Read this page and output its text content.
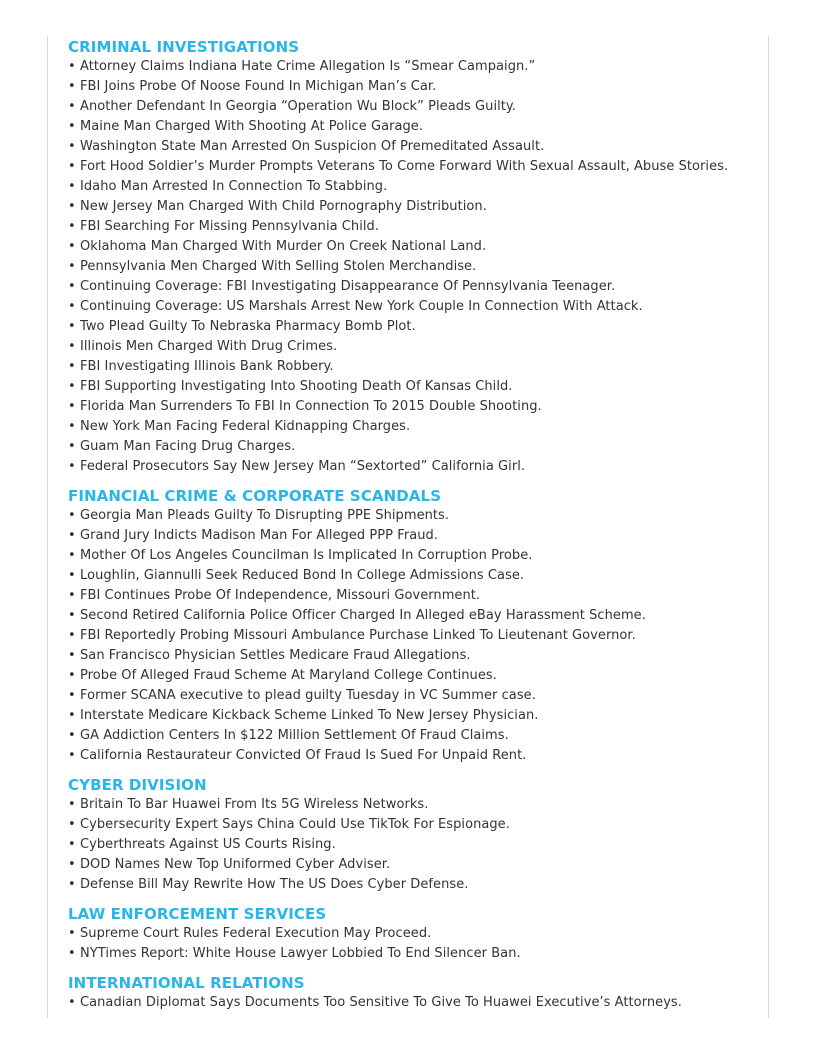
CRIMINAL INVESTIGATIONS
• Attorney Claims Indiana Hate Crime Allegation Is “Smear Campaign.”
• FBI Joins Probe Of Noose Found In Michigan Man’s Car.
• Another Defendant In Georgia “Operation Wu Block” Pleads Guilty.
• Maine Man Charged With Shooting At Police Garage.
• Washington State Man Arrested On Suspicion Of Premeditated Assault.
• Fort Hood Soldier’s Murder Prompts Veterans To Come Forward With Sexual Assault, Abuse Stories.
• Idaho Man Arrested In Connection To Stabbing.
• New Jersey Man Charged With Child Pornography Distribution.
• FBI Searching For Missing Pennsylvania Child.
• Oklahoma Man Charged With Murder On Creek National Land.
• Pennsylvania Men Charged With Selling Stolen Merchandise.
• Continuing Coverage: FBI Investigating Disappearance Of Pennsylvania Teenager.
• Continuing Coverage: US Marshals Arrest New York Couple In Connection With Attack.
• Two Plead Guilty To Nebraska Pharmacy Bomb Plot.
• Illinois Men Charged With Drug Crimes.
• FBI Investigating Illinois Bank Robbery.
• FBI Supporting Investigating Into Shooting Death Of Kansas Child.
• Florida Man Surrenders To FBI In Connection To 2015 Double Shooting.
• New York Man Facing Federal Kidnapping Charges.
• Guam Man Facing Drug Charges.
• Federal Prosecutors Say New Jersey Man “Sextorted” California Girl.
FINANCIAL CRIME & CORPORATE SCANDALS
• Georgia Man Pleads Guilty To Disrupting PPE Shipments.
• Grand Jury Indicts Madison Man For Alleged PPP Fraud.
• Mother Of Los Angeles Councilman Is Implicated In Corruption Probe.
• Loughlin, Giannulli Seek Reduced Bond In College Admissions Case.
• FBI Continues Probe Of Independence, Missouri Government.
• Second Retired California Police Officer Charged In Alleged eBay Harassment Scheme.
• FBI Reportedly Probing Missouri Ambulance Purchase Linked To Lieutenant Governor.
• San Francisco Physician Settles Medicare Fraud Allegations.
• Probe Of Alleged Fraud Scheme At Maryland College Continues.
• Former SCANA executive to plead guilty Tuesday in VC Summer case.
• Interstate Medicare Kickback Scheme Linked To New Jersey Physician.
• GA Addiction Centers In $122 Million Settlement Of Fraud Claims.
• California Restaurateur Convicted Of Fraud Is Sued For Unpaid Rent.
CYBER DIVISION
• Britain To Bar Huawei From Its 5G Wireless Networks.
• Cybersecurity Expert Says China Could Use TikTok For Espionage.
• Cyberthreats Against US Courts Rising.
• DOD Names New Top Uniformed Cyber Adviser.
• Defense Bill May Rewrite How The US Does Cyber Defense.
LAW ENFORCEMENT SERVICES
• Supreme Court Rules Federal Execution May Proceed.
• NYTimes Report: White House Lawyer Lobbied To End Silencer Ban.
INTERNATIONAL RELATIONS
• Canadian Diplomat Says Documents Too Sensitive To Give To Huawei Executive’s Attorneys.
